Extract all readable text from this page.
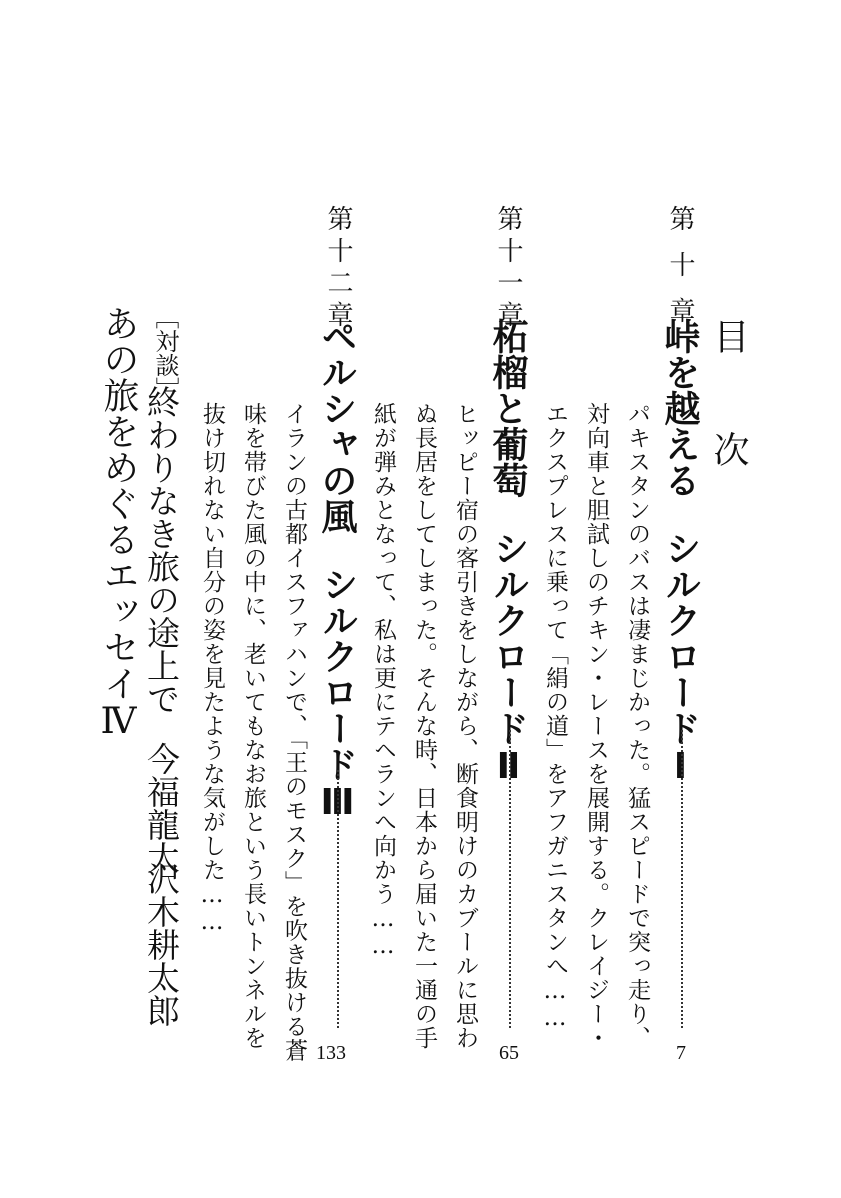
目 次
第十章
峠を越えるシルクロードⅠ
7
パキスタンのバスは凄まじかった。猛スピードで突っ走り、
対向車と胆試しのチキン・レースを展開する。クレイジー・
エクスプレスに乗って「絹の道」をアフガニスタンへ……
第十一章
柘榴と葡萄シルクロードⅡ
65
ヒッピー宿の客引きをしながら、断食明けのカブールに思わ
ぬ長居をしてしまった。そんな時、日本から届いた一通の手
紙が弾みとなって、私は更にテヘランへ向かう……
第十二章
ペルシャの風シルクロードⅢ
133
イランの古都イスファハンで、「王のモスク」を吹き抜ける蒼
味を帯びた風の中に、老いてもなお旅という長いトンネルを
抜け切れない自分の姿を見たような気がした……
［対談］
終わりなき旅の途上で
今福龍太
沢木耕太郎
あの旅をめぐるエッセイⅣ
